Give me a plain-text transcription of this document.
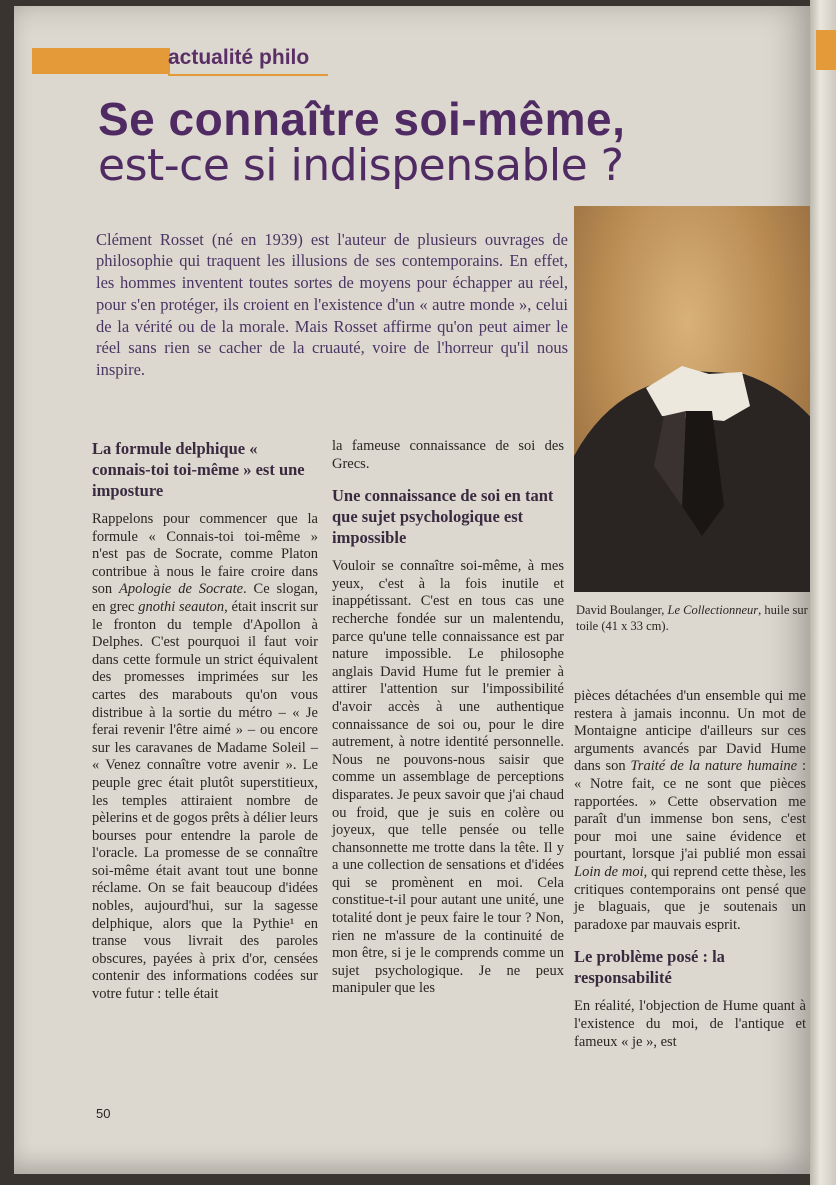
actualité philo
Se connaître soi-même,
est-ce si indispensable ?

Clément Rosset (né en 1939) est l'auteur de plusieurs ouvrages de philosophie qui traquent les illusions de ses contemporains. En effet, les hommes inventent toutes sortes de moyens pour échapper au réel, pour s'en protéger, ils croient en l'existence d'un « autre monde », celui de la vérité ou de la morale. Mais Rosset affirme qu'on peut aimer le réel sans rien se cacher de la cruauté, voire de l'horreur qu'il nous inspire.

David Boulanger, Le Collectionneur, huile sur toile (41 x 33 cm).
La formule delphique « connais-toi toi-même » est une imposture

Rappelons pour commencer que la formule « Connais-toi toi-même » n'est pas de Socrate, comme Platon contribue à nous le faire croire dans son Apologie de Socrate. Ce slogan, en grec gnothi seauton, était inscrit sur le fronton du temple d'Apollon à Delphes. C'est pourquoi il faut voir dans cette formule un strict équivalent des promesses imprimées sur les cartes des marabouts qu'on vous distribue à la sortie du métro – « Je ferai revenir l'être aimé » – ou encore sur les caravanes de Madame Soleil – « Venez connaître votre avenir ». Le peuple grec était plutôt superstitieux, les temples attiraient nombre de pèlerins et de gogos prêts à délier leurs bourses pour entendre la parole de l'oracle. La promesse de se connaître soi-même était avant tout une bonne réclame. On se fait beaucoup d'idées nobles, aujourd'hui, sur la sagesse delphique, alors que la Pythie¹ en transe vous livrait des paroles obscures, payées à prix d'or, censées contenir des informations codées sur votre futur : telle était

la fameuse connaissance de soi des Grecs.

Une connaissance de soi en tant que sujet psychologique est impossible

Vouloir se connaître soi-même, à mes yeux, c'est à la fois inutile et inappétissant. C'est en tous cas une recherche fondée sur un malentendu, parce qu'une telle connaissance est par nature impossible. Le philosophe anglais David Hume fut le premier à attirer l'attention sur l'impossibilité d'avoir accès à une authentique connaissance de soi ou, pour le dire autrement, à notre identité personnelle. Nous ne pouvons-nous saisir que comme un assemblage de perceptions disparates. Je peux savoir que j'ai chaud ou froid, que je suis en colère ou joyeux, que telle pensée ou telle chansonnette me trotte dans la tête. Il y a une collection de sensations et d'idées qui se promènent en moi. Cela constitue-t-il pour autant une unité, une totalité dont je peux faire le tour ? Non, rien ne m'assure de la continuité de mon être, si je le comprends comme un sujet psychologique. Je ne peux manipuler que les

pièces détachées d'un ensemble qui me restera à jamais inconnu. Un mot de Montaigne anticipe d'ailleurs sur ces arguments avancés par David Hume dans son Traité de la nature humaine : « Notre fait, ce ne sont que pièces rapportées. » Cette observation me paraît d'un immense bon sens, c'est pour moi une saine évidence et pourtant, lorsque j'ai publié mon essai Loin de moi, qui reprend cette thèse, les critiques contemporains ont pensé que je blaguais, que je soutenais un paradoxe par mauvais esprit.

Le problème posé : la responsabilité

En réalité, l'objection de Hume quant à l'existence du moi, de l'antique et fameux « je », est

50
